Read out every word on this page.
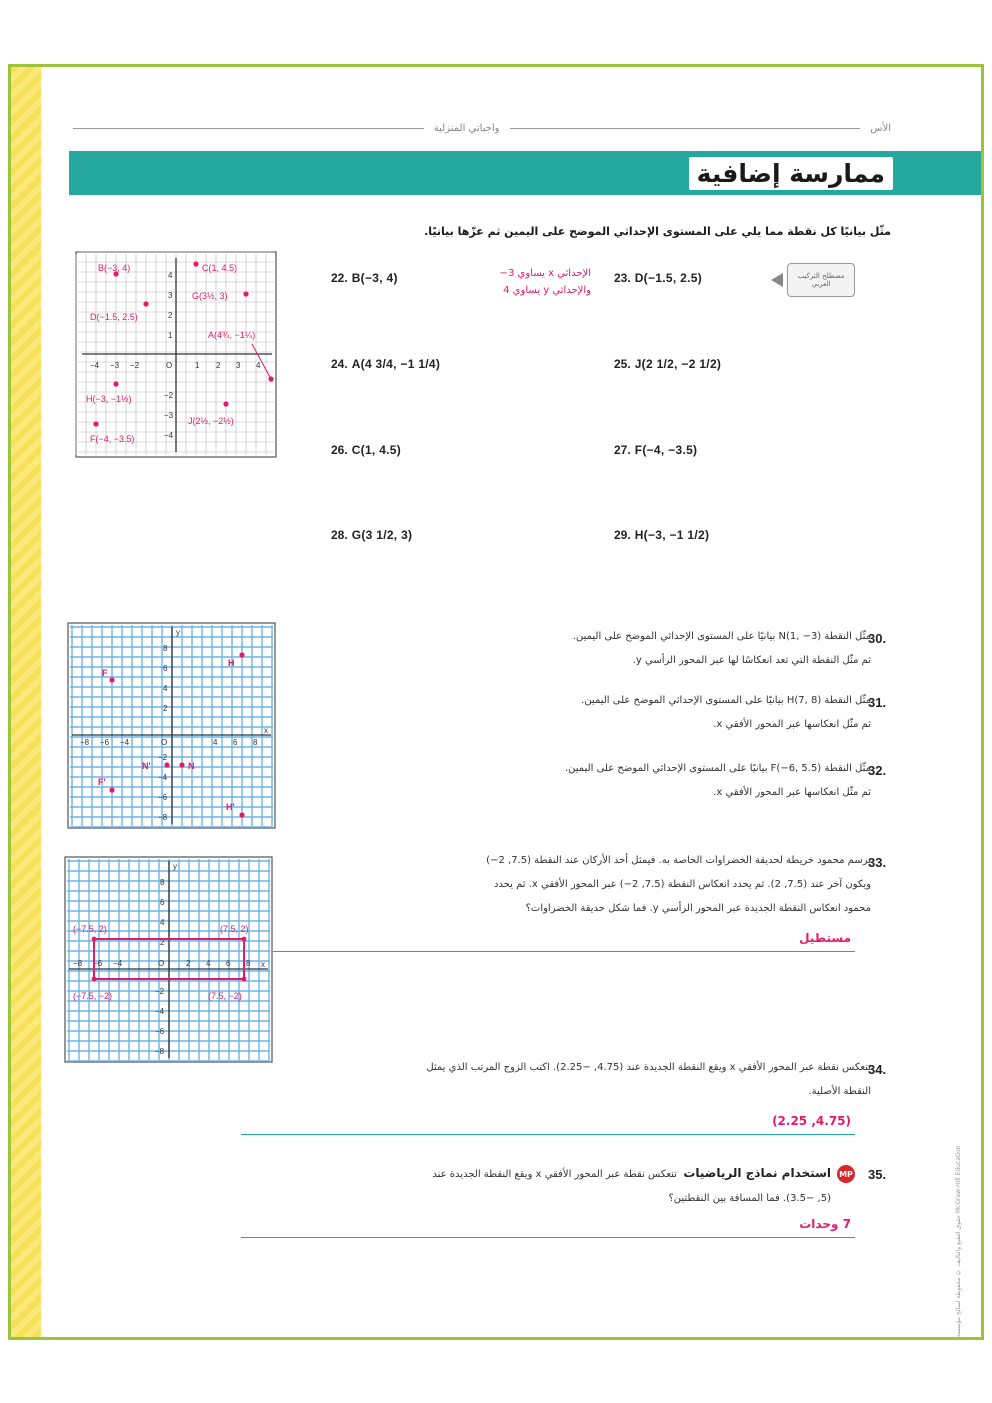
الأس
واجباتي المنزلية
ممارسة إضافية
مثّل بيانيًا كل نقطة مما يلي على المستوى الإحداثي الموضح على اليمين ثم عزّها بيانيًا.
−4 −3 −2	O	1 2 3 4
4
3
2
1
−2
−3
−4
B(−3, 4)	C(1, 4.5)
G(3½, 3)
D(−1.5, 2.5)
A(4¾, −1¼)
H(−3, −1½)
J(2½, −2½)
F(−4, −3.5)
22. B(−3, 4)	الإحداثي x يساوي 3−
والإحداثي y يساوي 4
23. D(−1.5, 2.5)	مصطلح التركيب العربي
24. A(4 3/4, −1 1/4)	25. J(2 1/2, −2 1/2)
26. C(1, 4.5)	27. F(−4, −3.5)
28. G(3 1/2, 3)	29. H(−3, −1 1/2)
x
y
−8 −6 −4	O	4 6 8
8
6
4
2
−2
−4
−6
−8
F
H
N'	N
F'
H'
30.
مثّل النقطة N(1, −3) بيانيًا على المستوى الإحداثي الموضح على اليمين.
ثم مثّل النقطة التي تعد انعكاسًا لها عبر المحور الرأسي y.
31.
مثّل النقطة H(7, 8) بيانيًا على المستوى الإحداثي الموضح على اليمين.
ثم مثّل انعكاسها عبر المحور الأفقي x.
32.
مثّل النقطة F(−6, 5.5) بيانيًا على المستوى الإحداثي الموضح على اليمين.
ثم مثّل انعكاسها عبر المحور الأفقي x.
x
y
−8 −6 −4	O	2 4 6 8
8
6
4
2
−2
−4
−6
−8
(−7.5, 2)	(7.5, 2)
(−7.5, −2)	(7.5, −2)
33.
يرسم محمود خريطة لحديقة الخضراوات الخاصة به. فيمثل أحد الأركان عند النقطة (7.5, 2−)
ويكون آخر عند (7.5, 2). ثم يحدد انعكاس النقطة (7.5, 2−) عبر المحور الأفقي x. ثم يحدد
محمود انعكاس النقطة الجديدة عبر المحور الرأسي y. فما شكل حديقة الخضراوات؟
مستطيل
34.
تنعكس نقطة عبر المحور الأفقي x ويقع النقطة الجديدة عند (4.75, −2.25). اكتب الزوج المرتب الذي يمثل
النقطة الأصلية.
(4.75, 2.25)
35.
MP
استخدام نماذج الرياضيات  تنعكس نقطة عبر المحور الأفقي x ويقع النقطة الجديدة عند
(5, −3.5). فما المسافة بين النقطتين؟
7 وحدات	حقوق الطبع والتأليف © محفوظة لصالح مؤسسة McGraw-Hill Education
